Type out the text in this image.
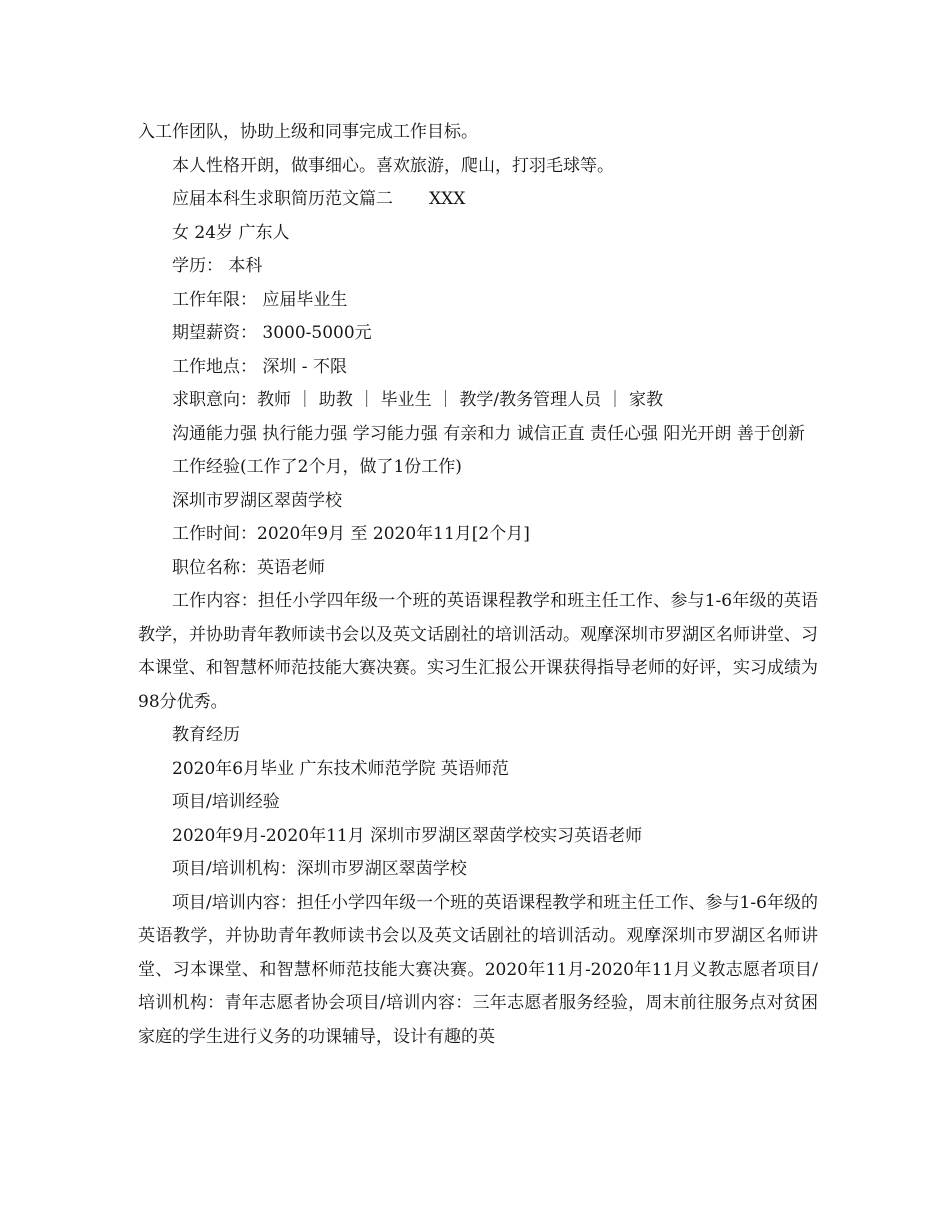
入工作团队，协助上级和同事完成工作目标。

本人性格开朗，做事细心。喜欢旅游，爬山，打羽毛球等。

应届本科生求职简历范文篇二 XXX

女 24岁 广东人

学历： 本科

工作年限： 应届毕业生

期望薪资： 3000-5000元

工作地点： 深圳 - 不限

求职意向：教师 ｜ 助教 ｜ 毕业生 ｜ 教学/教务管理人员 ｜ 家教

沟通能力强 执行能力强 学习能力强 有亲和力 诚信正直 责任心强 阳光开朗 善于创新

工作经验(工作了2个月，做了1份工作)

深圳市罗湖区翠茵学校

工作时间：2020年9月 至 2020年11月[2个月]

职位名称：英语老师

工作内容：担任小学四年级一个班的英语课程教学和班主任工作、参与1-6年级的英语教学，并协助青年教师读书会以及英文话剧社的培训活动。观摩深圳市罗湖区名师讲堂、习本课堂、和智慧杯师范技能大赛决赛。实习生汇报公开课获得指导老师的好评，实习成绩为98分优秀。

教育经历

2020年6月毕业 广东技术师范学院 英语师范

项目/培训经验

2020年9月-2020年11月 深圳市罗湖区翠茵学校实习英语老师

项目/培训机构：深圳市罗湖区翠茵学校

项目/培训内容：担任小学四年级一个班的英语课程教学和班主任工作、参与1-6年级的英语教学，并协助青年教师读书会以及英文话剧社的培训活动。观摩深圳市罗湖区名师讲堂、习本课堂、和智慧杯师范技能大赛决赛。2020年11月-2020年11月义教志愿者项目/培训机构：青年志愿者协会项目/培训内容：三年志愿者服务经验，周末前往服务点对贫困家庭的学生进行义务的功课辅导，设计有趣的英
